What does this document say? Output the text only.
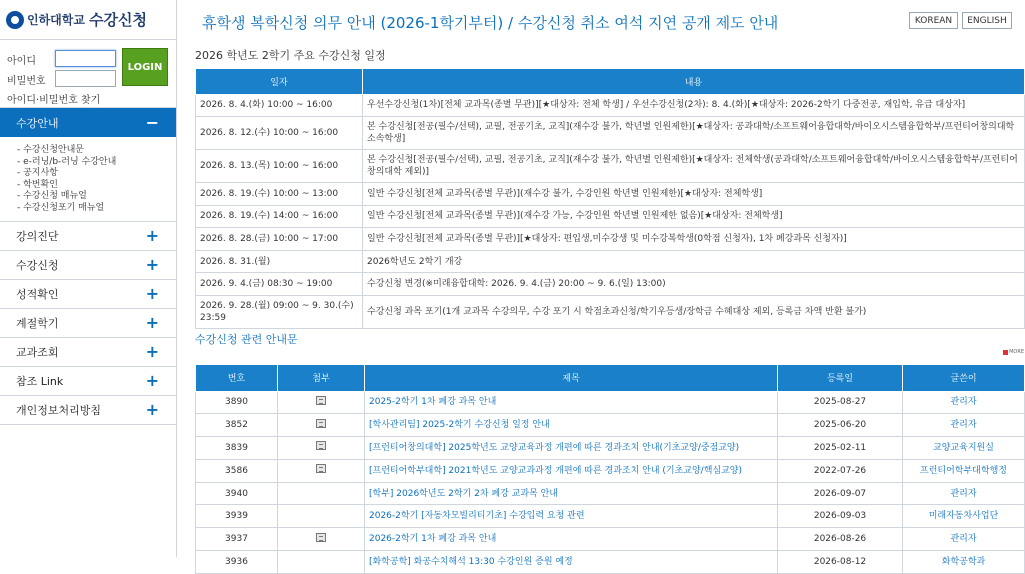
인하대학교 수강신청
아이디
비밀번호
LOGIN
아이디·비밀번호 찾기
수강안내	−
- 수강신청안내문
- e-러닝/b-러닝 수강안내
- 공지사항
- 학번확인
- 수강신청 매뉴얼
- 수강신청포기 매뉴얼
강의진단	+
수강신청	+
성적확인	+
계절학기	+
교과조회	+
참조 Link	+
개인정보처리방침	+
휴학생 복학신청 의무 안내 (2026-1학기부터) / 수강신청 취소 여석 지연 공개 제도 안내	KOREAN	ENGLISH
2026 학년도 2학기 주요 수강신청 일정
일자	내용
2026. 8. 4.(화) 10:00 ~ 16:00	우선수강신청(1차)[전체 교과목(종별 무관)][★대상자: 전체 학생] / 우선수강신청(2차): 8. 4.(화)[★대상자: 2026-2학기 다중전공, 재입학, 유급 대상자]
2026. 8. 12.(수) 10:00 ~ 16:00	본 수강신청[전공(필수/선택), 교필, 전공기초, 교직](재수강 불가, 학년별 인원제한)[★대상자: 공과대학/소프트웨어융합대학/바이오시스템융합학부/프런티어창의대학 소속학생]
2026. 8. 13.(목) 10:00 ~ 16:00	본 수강신청[전공(필수/선택), 교필, 전공기초, 교직](재수강 불가, 학년별 인원제한)[★대상자: 전체학생(공과대학/소프트웨어융합대학/바이오시스템융합학부/프런티어창의대학 제외)]
2026. 8. 19.(수) 10:00 ~ 13:00	일반 수강신청[전체 교과목(종별 무관)](재수강 불가, 수강인원 학년별 인원제한)[★대상자: 전체학생]
2026. 8. 19.(수) 14:00 ~ 16:00	일반 수강신청[전체 교과목(종별 무관)](재수강 가능, 수강인원 학년별 인원제한 없음)[★대상자: 전체학생]
2026. 8. 28.(금) 10:00 ~ 17:00	일반 수강신청[전체 교과목(종별 무관)][★대상자: 편입생,미수강생 및 미수강복학생(0학점 신청자), 1차 폐강과목 신청자)]
2026. 8. 31.(월)	2026학년도 2학기 개강
2026. 9. 4.(금) 08:30 ~ 19:00	수강신청 변경(※미래융합대학: 2026. 9. 4.(금) 20:00 ~ 9. 6.(일) 13:00)
2026. 9. 28.(월) 09:00 ~ 9. 30.(수) 23:59	수강신청 과목 포기(1개 교과목 수강의무, 수강 포기 시 학점초과신청/학기우등생/장학금 수혜대상 제외, 등록금 차액 반환 불가)
수강신청 관련 안내문
MORE
번호	첨부	제목	등록일	글쓴이
3890		2025-2학기 1차 폐강 과목 안내	2025-08-27	관리자
3852		[학사관리팀] 2025-2학기 수강신청 일정 안내	2025-06-20	관리자
3839		[프런티어창의대학] 2025학년도 교양교육과정 개편에 따른 경과조치 안내(기초교양/중점교양)	2025-02-11	교양교육지원실
3586		[프런티어학부대학] 2021학년도 교양교과과정 개편에 따른 경과조치 안내 (기초교양/핵심교양)	2022-07-26	프런티어학부대학행정
3940		[학부] 2026학년도 2학기 2차 폐강 교과목 안내	2026-09-07	관리자
3939		2026-2학기 [자동차모빌리티기초] 수강입력 요청 관련	2026-09-03	미래자동차사업단
3937		2026-2학기 1차 폐강 과목 안내	2026-08-26	관리자
3936		[화학공학] 화공수치해석 13:30 수강인원 증원 예정	2026-08-12	화학공학과
